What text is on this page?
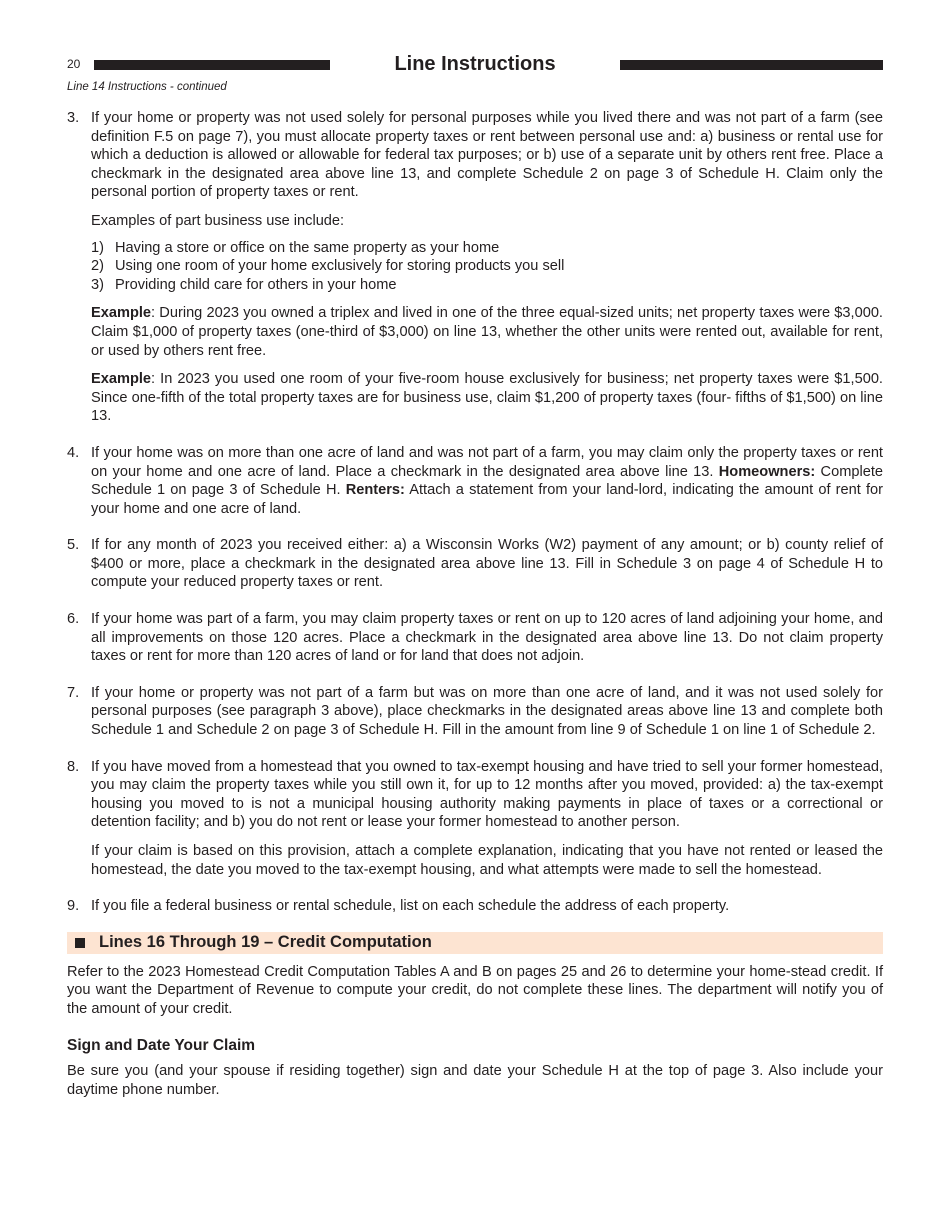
20	Line Instructions
Line 14 Instructions - continued
3. If your home or property was not used solely for personal purposes while you lived there and was not part of a farm (see definition F.5 on page 7), you must allocate property taxes or rent between personal use and: a) business or rental use for which a deduction is allowed or allowable for federal tax purposes; or b) use of a separate unit by others rent free. Place a checkmark in the designated area above line 13, and complete Schedule 2 on page 3 of Schedule H. Claim only the personal portion of property taxes or rent.

Examples of part business use include:

1) Having a store or office on the same property as your home
2) Using one room of your home exclusively for storing products you sell
3) Providing child care for others in your home

Example: During 2023 you owned a triplex and lived in one of the three equal-sized units; net property taxes were $3,000. Claim $1,000 of property taxes (one-third of $3,000) on line 13, whether the other units were rented out, available for rent, or used by others rent free.

Example: In 2023 you used one room of your five-room house exclusively for business; net property taxes were $1,500. Since one-fifth of the total property taxes are for business use, claim $1,200 of property taxes (four- fifths of $1,500) on line 13.

4. If your home was on more than one acre of land and was not part of a farm, you may claim only the property taxes or rent on your home and one acre of land. Place a checkmark in the designated area above line 13. Homeowners: Complete Schedule 1 on page 3 of Schedule H. Renters: Attach a statement from your land-lord, indicating the amount of rent for your home and one acre of land.

5. If for any month of 2023 you received either: a) a Wisconsin Works (W2) payment of any amount; or b) county relief of $400 or more, place a checkmark in the designated area above line 13. Fill in Schedule 3 on page 4 of Schedule H to compute your reduced property taxes or rent.

6. If your home was part of a farm, you may claim property taxes or rent on up to 120 acres of land adjoining your home, and all improvements on those 120 acres. Place a checkmark in the designated area above line 13. Do not claim property taxes or rent for more than 120 acres of land or for land that does not adjoin.

7. If your home or property was not part of a farm but was on more than one acre of land, and it was not used solely for personal purposes (see paragraph 3 above), place checkmarks in the designated areas above line 13 and complete both Schedule 1 and Schedule 2 on page 3 of Schedule H. Fill in the amount from line 9 of Schedule 1 on line 1 of Schedule 2.

8. If you have moved from a homestead that you owned to tax-exempt housing and have tried to sell your former homestead, you may claim the property taxes while you still own it, for up to 12 months after you moved, provided: a) the tax-exempt housing you moved to is not a municipal housing authority making payments in place of taxes or a correctional or detention facility; and b) you do not rent or lease your former homestead to another person.

If your claim is based on this provision, attach a complete explanation, indicating that you have not rented or leased the homestead, the date you moved to the tax-exempt housing, and what attempts were made to sell the homestead.

9. If you file a federal business or rental schedule, list on each schedule the address of each property.

Lines 16 Through 19 – Credit Computation

Refer to the 2023 Homestead Credit Computation Tables A and B on pages 25 and 26 to determine your home-stead credit. If you want the Department of Revenue to compute your credit, do not complete these lines. The department will notify you of the amount of your credit.

Sign and Date Your Claim

Be sure you (and your spouse if residing together) sign and date your Schedule H at the top of page 3. Also include your daytime phone number.
